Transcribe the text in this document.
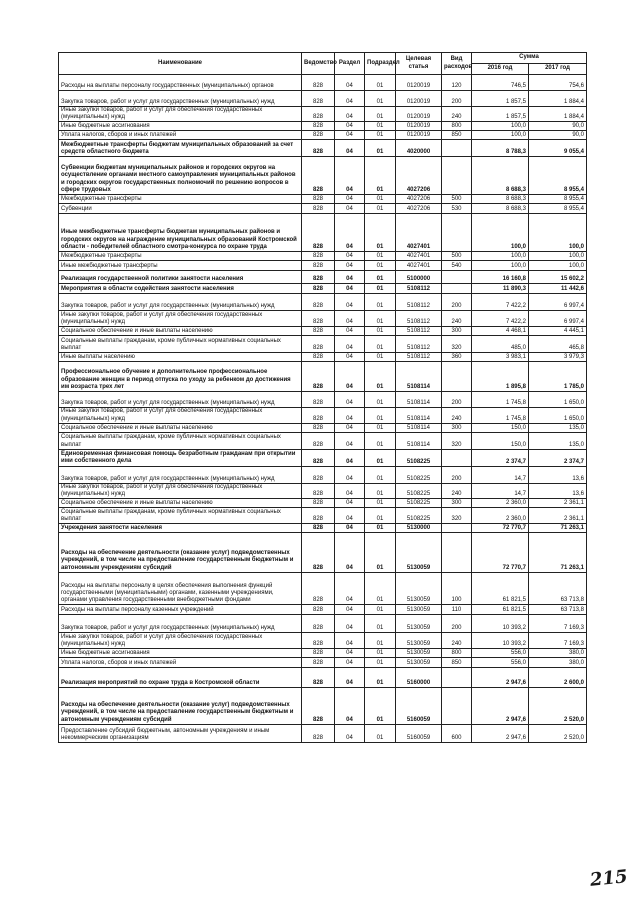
Наименование	Ведомство	Раздел	Подраздел	Целевая статья	Вид расходов	Сумма	
						2016 год	2017 год
Расходы на выплаты персоналу государственных (муниципальных) органов	828	04	01	0120019	120	746,5	754,6
Закупка товаров, работ и услуг для государственных (муниципальных) нужд	828	04	01	0120019	200	1 857,5	1 884,4
Иные закупки товаров, работ и услуг для обеспечения государственных (муниципальных) нужд	828	04	01	0120019	240	1 857,5	1 884,4
Иные бюджетные ассигнования	828	04	01	0120019	800	100,0	90,0
Уплата налогов, сборов и иных платежей	828	04	01	0120019	850	100,0	90,0
Межбюджетные трансферты бюджетам муниципальных образований за счет средств областного бюджета	828	04	01	4020000		8 788,3	9 055,4
Субвенции бюджетам муниципальных районов и городских округов на осуществление органами местного самоуправления муниципальных районов и городских округов государственных полномочий по решению вопросов в сфере трудовых	828	04	01	4027206		8 688,3	8 955,4
Межбюджетные трансферты	828	04	01	4027206	500	8 688,3	8 955,4
Субвенции	828	04	01	4027206	530	8 688,3	8 955,4
Иные межбюджетные трансферты бюджетам муниципальных районов и городских округов на награждение муниципальных образований Костромской области - победителей областного смотра-конкурса по охране труда	828	04	01	4027401		100,0	100,0
Межбюджетные трансферты	828	04	01	4027401	500	100,0	100,0
Иные межбюджетные трансферты	828	04	01	4027401	540	100,0	100,0
Реализация государственной политики занятости населения	828	04	01	5100000		16 160,8	15 602,2
Мероприятия в области содействия занятости населения	828	04	01	5108112		11 890,3	11 442,6
Закупка товаров, работ и услуг для государственных (муниципальных) нужд	828	04	01	5108112	200	7 422,2	6 997,4
Иные закупки товаров, работ и услуг для обеспечения государственных (муниципальных) нужд	828	04	01	5108112	240	7 422,2	6 997,4
Социальное обеспечение и иные выплаты населению	828	04	01	5108112	300	4 468,1	4 445,1
Социальные выплаты гражданам, кроме публичных нормативных социальных выплат	828	04	01	5108112	320	485,0	465,8
Иные выплаты населению	828	04	01	5108112	360	3 983,1	3 979,3
Профессиональное обучение и дополнительное профессиональное образование женщин в период отпуска по уходу за ребенком до достижения им возраста трех лет	828	04	01	5108114		1 895,8	1 785,0
Закупка товаров, работ и услуг для государственных (муниципальных) нужд	828	04	01	5108114	200	1 745,8	1 650,0
Иные закупки товаров, работ и услуг для обеспечения государственных (муниципальных) нужд	828	04	01	5108114	240	1 745,8	1 650,0
Социальное обеспечение и иные выплаты населению	828	04	01	5108114	300	150,0	135,0
Социальные выплаты гражданам, кроме публичных нормативных социальных выплат	828	04	01	5108114	320	150,0	135,0
Единовременная финансовая помощь безработным гражданам при открытии ими собственного дела	828	04	01	5108225		2 374,7	2 374,7
Закупка товаров, работ и услуг для государственных (муниципальных) нужд	828	04	01	5108225	200	14,7	13,6
Иные закупки товаров, работ и услуг для обеспечения государственных (муниципальных) нужд	828	04	01	5108225	240	14,7	13,6
Социальное обеспечение и иные выплаты населению	828	04	01	5108225	300	2 360,0	2 361,1
Социальные выплаты гражданам, кроме публичных нормативных социальных выплат	828	04	01	5108225	320	2 360,0	2 361,1
Учреждения занятости населения	828	04	01	5130000		72 770,7	71 263,1
Расходы на обеспечение деятельности (оказание услуг) подведомственных учреждений, в том числе на предоставление государственным бюджетным и автономным учреждениям субсидий	828	04	01	5130059		72 770,7	71 263,1
Расходы на выплаты персоналу в целях обеспечения выполнения функций государственными (муниципальными) органами, казенными учреждениями, органами управления государственными внебюджетными фондами	828	04	01	5130059	100	61 821,5	63 713,8
Расходы на выплаты персоналу казенных учреждений	828	04	01	5130059	110	61 821,5	63 713,8
Закупка товаров, работ и услуг для государственных (муниципальных) нужд	828	04	01	5130059	200	10 393,2	7 169,3
Иные закупки товаров, работ и услуг для обеспечения государственных (муниципальных) нужд	828	04	01	5130059	240	10 393,2	7 169,3
Иные бюджетные ассигнования	828	04	01	5130059	800	556,0	380,0
Уплата налогов, сборов и иных платежей	828	04	01	5130059	850	556,0	380,0
Реализация мероприятий по охране труда в Костромской области	828	04	01	5160000		2 947,6	2 600,0
Расходы на обеспечение деятельности (оказание услуг) подведомственных учреждений, в том числе на предоставление государственным бюджетным и автономным учреждениям субсидий	828	04	01	5160059		2 947,6	2 520,0
Предоставление субсидий бюджетным, автономным учреждениям и иным некоммерческим организациям	828	04	01	5160059	600	2 947,6	2 520,0
215
